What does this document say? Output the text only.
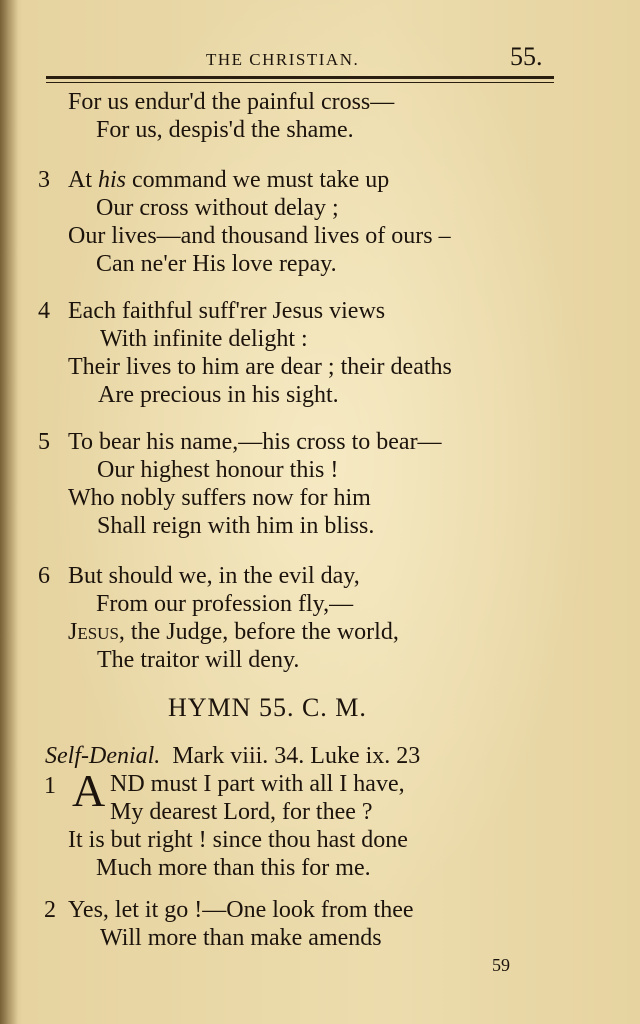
THE CHRISTIAN.	55.
For us endur'd the painful cross—
For us, despis'd the shame.
3 At his command we must take up
Our cross without delay ;
Our lives—and thousand lives of ours –
Can ne'er His love repay.
4 Each faithful suff'rer Jesus views
With infinite delight :
Their lives to him are dear ; their deaths
Are precious in his sight.
5 To bear his name,—his cross to bear—
Our highest honour this !
Who nobly suffers now for him
Shall reign with him in bliss.
6 But should we, in the evil day,
From our profession fly,—
Jesus, the Judge, before the world,
The traitor will deny.
HYMN 55. C. M.
Self-Denial. Mark viii. 34. Luke ix. 23
1 A ND must I part with all I have,
My dearest Lord, for thee ?
It is but right ! since thou hast done
Much more than this for me.
2 Yes, let it go !—One look from thee
Will more than make amends
59
